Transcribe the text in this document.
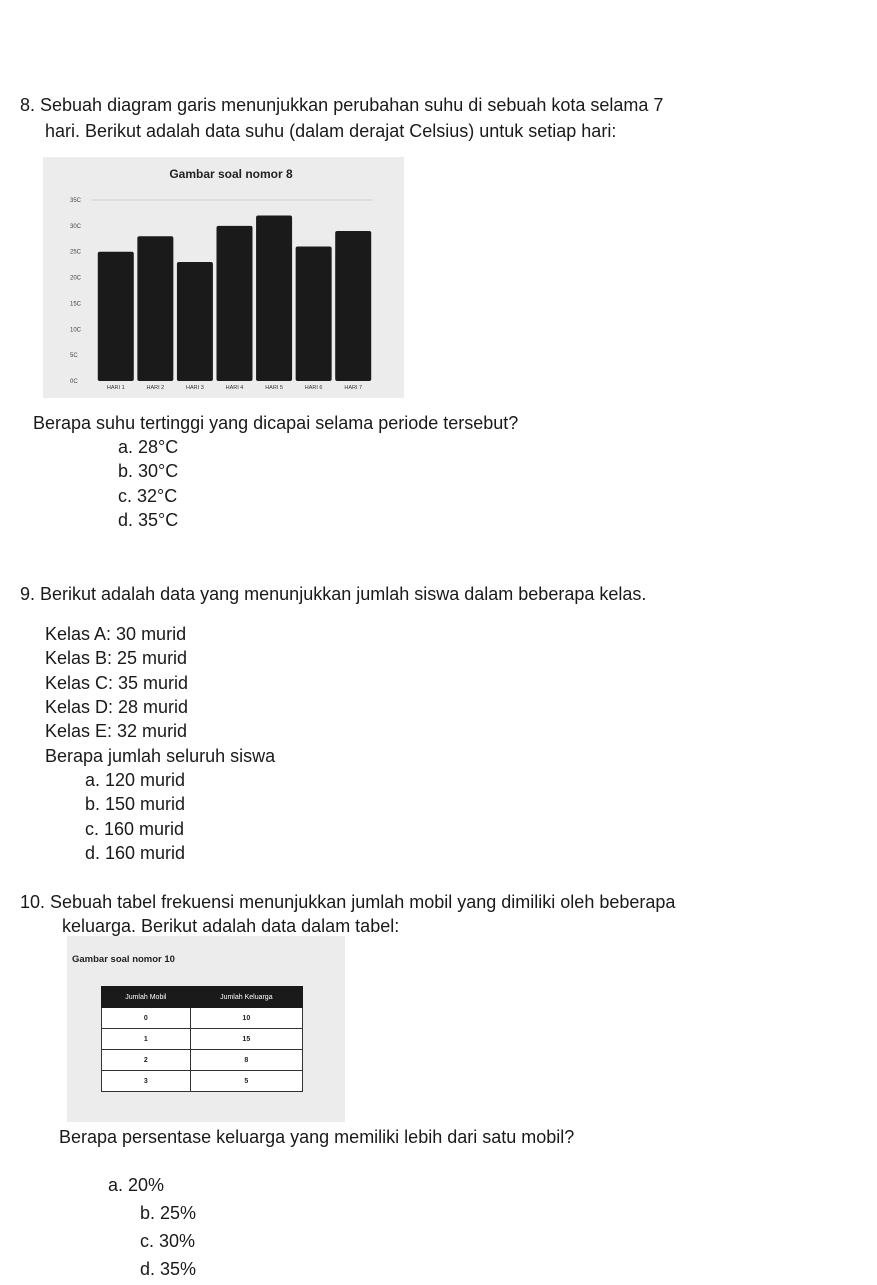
8. Sebuah diagram garis menunjukkan perubahan suhu di sebuah kota selama 7
hari. Berikut adalah data suhu (dalam derajat Celsius) untuk setiap hari:
Gambar soal nomor 8
0C
5C
10C
15C
20C
25C
30C
35C
HARI 1	HARI 2	HARI 3	HARI 4	HARI 5	HARI 6	HARI 7
Berapa suhu tertinggi yang dicapai selama periode tersebut?
a. 28°C
b. 30°C
c. 32°C
d. 35°C
9. Berikut adalah data yang menunjukkan jumlah siswa dalam beberapa kelas.
Kelas A: 30 murid
Kelas B: 25 murid
Kelas C: 35 murid
Kelas D: 28 murid
Kelas E: 32 murid
Berapa jumlah seluruh siswa
a. 120 murid
b. 150 murid
c. 160 murid
d. 160 murid
10. Sebuah tabel frekuensi menunjukkan jumlah mobil yang dimiliki oleh beberapa
keluarga. Berikut adalah data dalam tabel:
Gambar soal nomor 10
Jumlah Mobil	Jumlah Keluarga
0	10
1	15
2	8
3	5
Berapa persentase keluarga yang memiliki lebih dari satu mobil?
a. 20%
b. 25%
c. 30%
d. 35%
